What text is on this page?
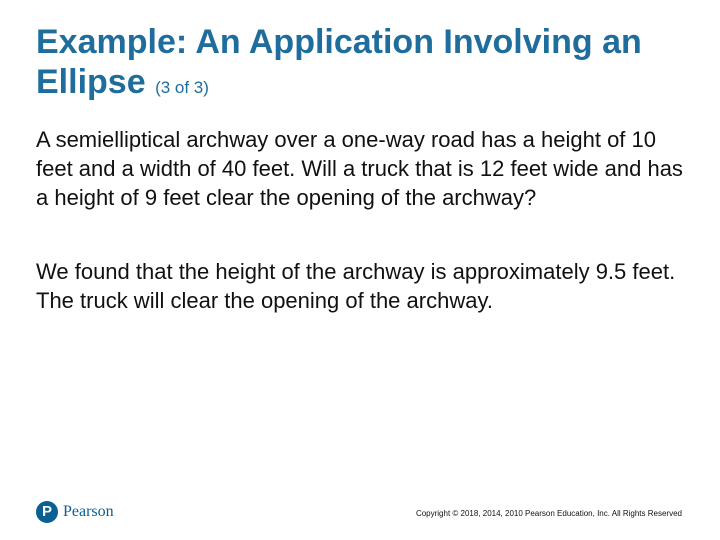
Example: An Application Involving an Ellipse (3 of 3)

A semielliptical archway over a one-way road has a height of 10 feet and a width of 40 feet. Will a truck that is 12 feet wide and has a height of 9 feet clear the opening of the archway?

We found that the height of the archway is approximately 9.5 feet. The truck will clear the opening of the archway.

P Pearson	Copyright © 2018, 2014, 2010 Pearson Education, Inc. All Rights Reserved
